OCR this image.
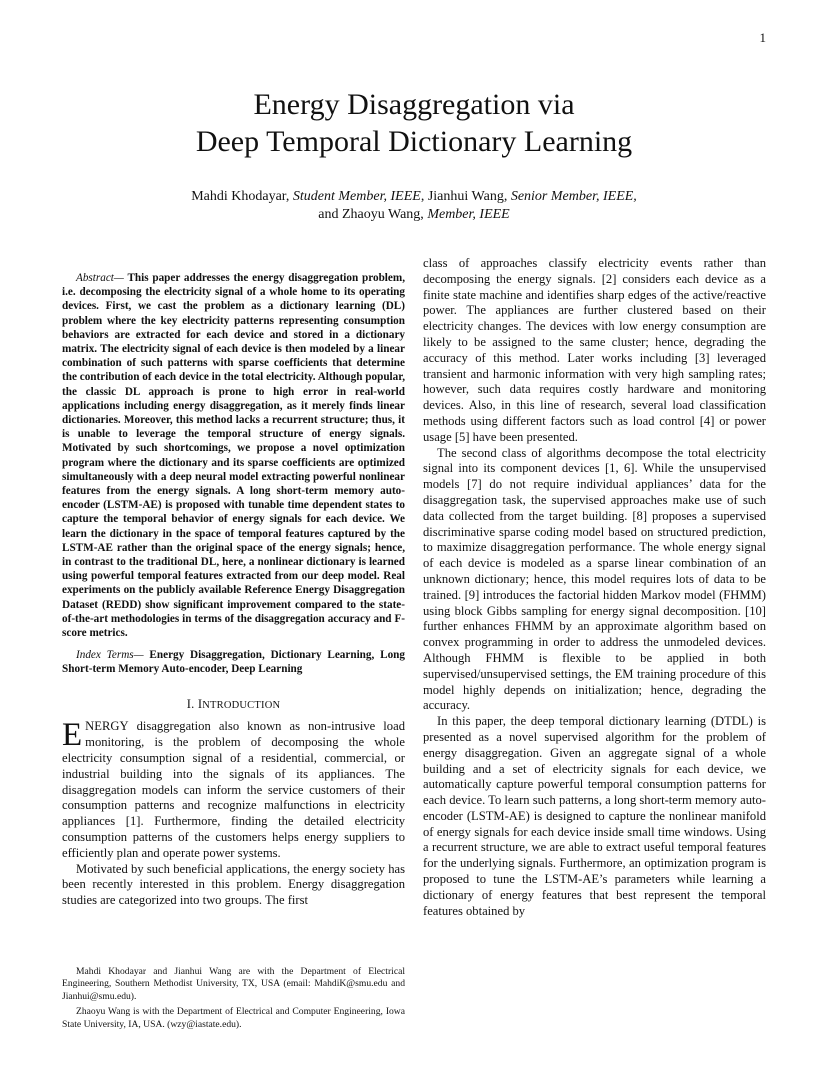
1
Energy Disaggregation via
Deep Temporal Dictionary Learning
Mahdi Khodayar, Student Member, IEEE, Jianhui Wang, Senior Member, IEEE,
and Zhaoyu Wang, Member, IEEE

Abstract— This paper addresses the energy disaggregation problem, i.e. decomposing the electricity signal of a whole home to its operating devices. First, we cast the problem as a dictionary learning (DL) problem where the key electricity patterns representing consumption behaviors are extracted for each device and stored in a dictionary matrix. The electricity signal of each device is then modeled by a linear combination of such patterns with sparse coefficients that determine the contribution of each device in the total electricity. Although popular, the classic DL approach is prone to high error in real-world applications including energy disaggregation, as it merely finds linear dictionaries. Moreover, this method lacks a recurrent structure; thus, it is unable to leverage the temporal structure of energy signals. Motivated by such shortcomings, we propose a novel optimization program where the dictionary and its sparse coefficients are optimized simultaneously with a deep neural model extracting powerful nonlinear features from the energy signals. A long short-term memory auto-encoder (LSTM-AE) is proposed with tunable time dependent states to capture the temporal behavior of energy signals for each device. We learn the dictionary in the space of temporal features captured by the LSTM-AE rather than the original space of the energy signals; hence, in contrast to the traditional DL, here, a nonlinear dictionary is learned using powerful temporal features extracted from our deep model. Real experiments on the publicly available Reference Energy Disaggregation Dataset (REDD) show significant improvement compared to the state-of-the-art methodologies in terms of the disaggregation accuracy and F-score metrics.

Index Terms— Energy Disaggregation, Dictionary Learning, Long Short-term Memory Auto-encoder, Deep Learning

I. INTRODUCTION

ENERGY disaggregation also known as non-intrusive load monitoring, is the problem of decomposing the whole electricity consumption signal of a residential, commercial, or industrial building into the signals of its appliances. The disaggregation models can inform the service customers of their consumption patterns and recognize malfunctions in electricity appliances [1]. Furthermore, finding the detailed electricity consumption patterns of the customers helps energy suppliers to efficiently plan and operate power systems.

Motivated by such beneficial applications, the energy society has been recently interested in this problem. Energy disaggregation studies are categorized into two groups. The first

class of approaches classify electricity events rather than decomposing the energy signals. [2] considers each device as a finite state machine and identifies sharp edges of the active/reactive power. The appliances are further clustered based on their electricity changes. The devices with low energy consumption are likely to be assigned to the same cluster; hence, degrading the accuracy of this method. Later works including [3] leveraged transient and harmonic information with very high sampling rates; however, such data requires costly hardware and monitoring devices. Also, in this line of research, several load classification methods using different factors such as load control [4] or power usage [5] have been presented.

The second class of algorithms decompose the total electricity signal into its component devices [1, 6]. While the unsupervised models [7] do not require individual appliances’ data for the disaggregation task, the supervised approaches make use of such data collected from the target building. [8] proposes a supervised discriminative sparse coding model based on structured prediction, to maximize disaggregation performance. The whole energy signal of each device is modeled as a sparse linear combination of an unknown dictionary; hence, this model requires lots of data to be trained. [9] introduces the factorial hidden Markov model (FHMM) using block Gibbs sampling for energy signal decomposition. [10] further enhances FHMM by an approximate algorithm based on convex programming in order to address the unmodeled devices. Although FHMM is flexible to be applied in both supervised/unsupervised settings, the EM training procedure of this model highly depends on initialization; hence, degrading the accuracy.

In this paper, the deep temporal dictionary learning (DTDL) is presented as a novel supervised algorithm for the problem of energy disaggregation. Given an aggregate signal of a whole building and a set of electricity signals for each device, we automatically capture powerful temporal consumption patterns for each device. To learn such patterns, a long short-term memory auto-encoder (LSTM-AE) is designed to capture the nonlinear manifold of energy signals for each device inside small time windows. Using a recurrent structure, we are able to extract useful temporal features for the underlying signals. Furthermore, an optimization program is proposed to tune the LSTM-AE’s parameters while learning a dictionary of energy features that best represent the temporal features obtained by

Mahdi Khodayar and Jianhui Wang are with the Department of Electrical Engineering, Southern Methodist University, TX, USA (email: MahdiK@smu.edu and Jianhui@smu.edu).

Zhaoyu Wang is with the Department of Electrical and Computer Engineering, Iowa State University, IA, USA. (wzy@iastate.edu).
